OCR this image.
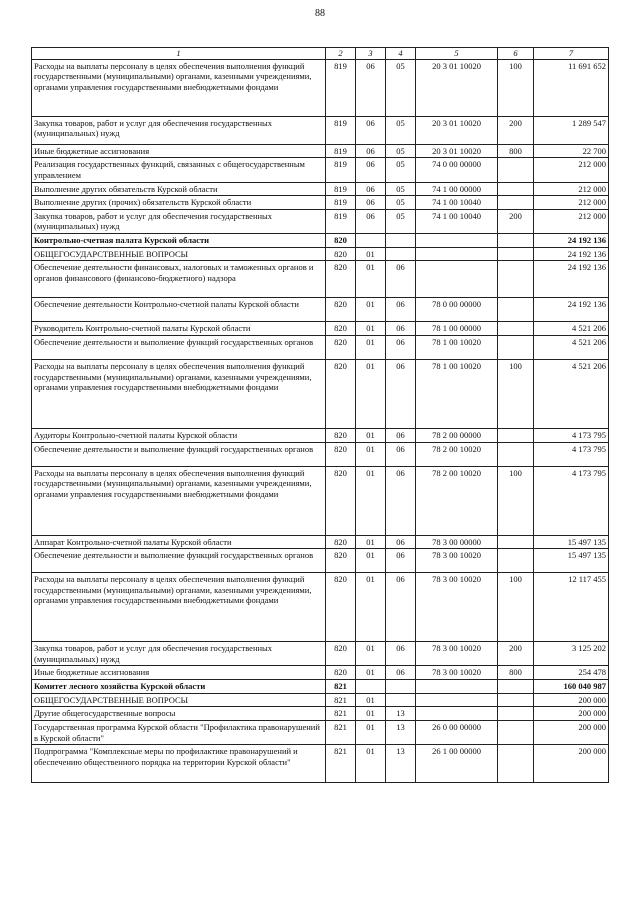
88
1	2	3	4	5	6	7
Расходы на выплаты персоналу в целях обеспечения выполнения функций государственными (муниципальными) органами, казенными учреждениями, органами управления государственными внебюджетными фондами	819	06	05	20 3 01 10020	100	11 691 652
Закупка товаров, работ и услуг для обеспечения государственных (муниципальных) нужд	819	06	05	20 3 01 10020	200	1 289 547
Иные бюджетные ассигнования	819	06	05	20 3 01 10020	800	22 700
Реализация государственных функций, связанных с общегосударственным управлением	819	06	05	74 0 00 00000		212 000
Выполнение других обязательств Курской области	819	06	05	74 1 00 00000		212 000
Выполнение других (прочих) обязательств Курской области	819	06	05	74 1 00 10040		212 000
Закупка товаров, работ и услуг для обеспечения государственных (муниципальных) нужд	819	06	05	74 1 00 10040	200	212 000
Контрольно-счетная палата Курской области	820					24 192 136
ОБЩЕГОСУДАРСТВЕННЫЕ ВОПРОСЫ	820	01				24 192 136
Обеспечение деятельности финансовых, налоговых и таможенных органов и органов финансового (финансово-бюджетного) надзора	820	01	06			24 192 136
Обеспечение деятельности Контрольно-счетной палаты Курской области	820	01	06	78 0 00 00000		24 192 136
Руководитель Контрольно-счетной палаты Курской области	820	01	06	78 1 00 00000		4 521 206
Обеспечение деятельности и выполнение функций государственных органов	820	01	06	78 1 00 10020		4 521 206
Расходы на выплаты персоналу в целях обеспечения выполнения функций государственными (муниципальными) органами, казенными учреждениями, органами управления государственными внебюджетными фондами	820	01	06	78 1 00 10020	100	4 521 206
Аудиторы Контрольно-счетной палаты Курской области	820	01	06	78 2 00 00000		4 173 795
Обеспечение деятельности и выполнение функций государственных органов	820	01	06	78 2 00 10020		4 173 795
Расходы на выплаты персоналу в целях обеспечения выполнения функций государственными (муниципальными) органами, казенными учреждениями, органами управления государственными внебюджетными фондами	820	01	06	78 2 00 10020	100	4 173 795
Аппарат Контрольно-счетной палаты Курской области	820	01	06	78 3 00 00000		15 497 135
Обеспечение деятельности и выполнение функций государственных органов	820	01	06	78 3 00 10020		15 497 135
Расходы на выплаты персоналу в целях обеспечения выполнения функций государственными (муниципальными) органами, казенными учреждениями, органами управления государственными внебюджетными фондами	820	01	06	78 3 00 10020	100	12 117 455
Закупка товаров, работ и услуг для обеспечения государственных (муниципальных) нужд	820	01	06	78 3 00 10020	200	3 125 202
Иные бюджетные ассигнования	820	01	06	78 3 00 10020	800	254 478
Комитет лесного хозяйства Курской области	821					160 040 987
ОБЩЕГОСУДАРСТВЕННЫЕ ВОПРОСЫ	821	01				200 000
Другие общегосударственные вопросы	821	01	13			200 000
Государственная программа Курской области "Профилактика правонарушений в Курской области"	821	01	13	26 0 00 00000		200 000
Подпрограмма "Комплексные меры по профилактике правонарушений и обеспечению общественного порядка на территории Курской области"	821	01	13	26 1 00 00000		200 000
